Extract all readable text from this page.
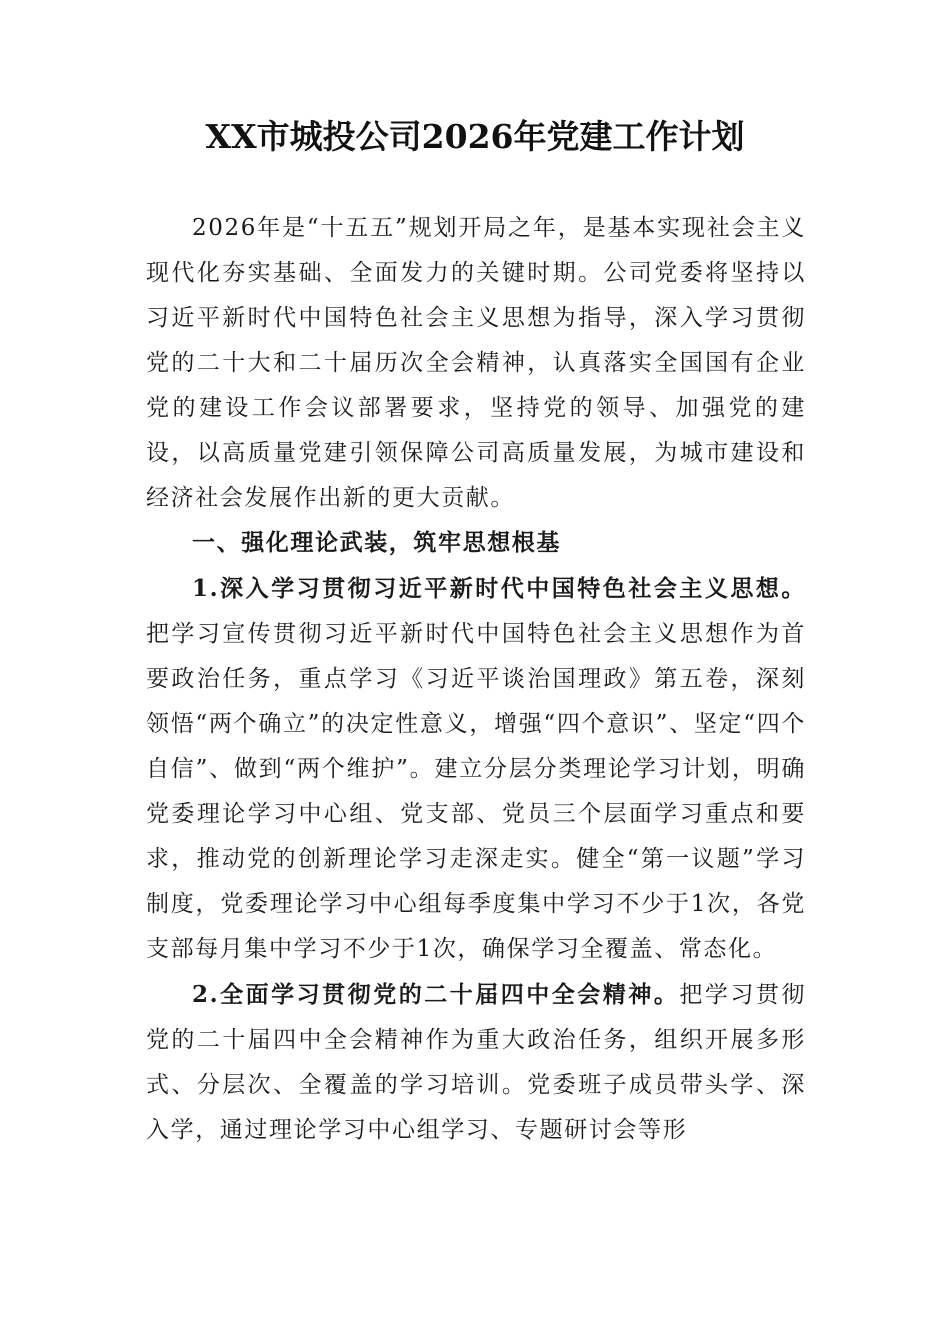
XX市城投公司2026年党建工作计划

2026年是“十五五”规划开局之年，是基本实现社会主义现代化夯实基础、全面发力的关键时期。公司党委将坚持以习近平新时代中国特色社会主义思想为指导，深入学习贯彻党的二十大和二十届历次全会精神，认真落实全国国有企业党的建设工作会议部署要求，坚持党的领导、加强党的建设，以高质量党建引领保障公司高质量发展，为城市建设和经济社会发展作出新的更大贡献。

一、强化理论武装，筑牢思想根基

1.深入学习贯彻习近平新时代中国特色社会主义思想。把学习宣传贯彻习近平新时代中国特色社会主义思想作为首要政治任务，重点学习《习近平谈治国理政》第五卷，深刻领悟“两个确立”的决定性意义，增强“四个意识”、坚定“四个自信”、做到“两个维护”。建立分层分类理论学习计划，明确党委理论学习中心组、党支部、党员三个层面学习重点和要求，推动党的创新理论学习走深走实。健全“第一议题”学习制度，党委理论学习中心组每季度集中学习不少于1次，各党支部每月集中学习不少于1次，确保学习全覆盖、常态化。

2.全面学习贯彻党的二十届四中全会精神。把学习贯彻党的二十届四中全会精神作为重大政治任务，组织开展多形式、分层次、全覆盖的学习培训。党委班子成员带头学、深入学，通过理论学习中心组学习、专题研讨会等形
